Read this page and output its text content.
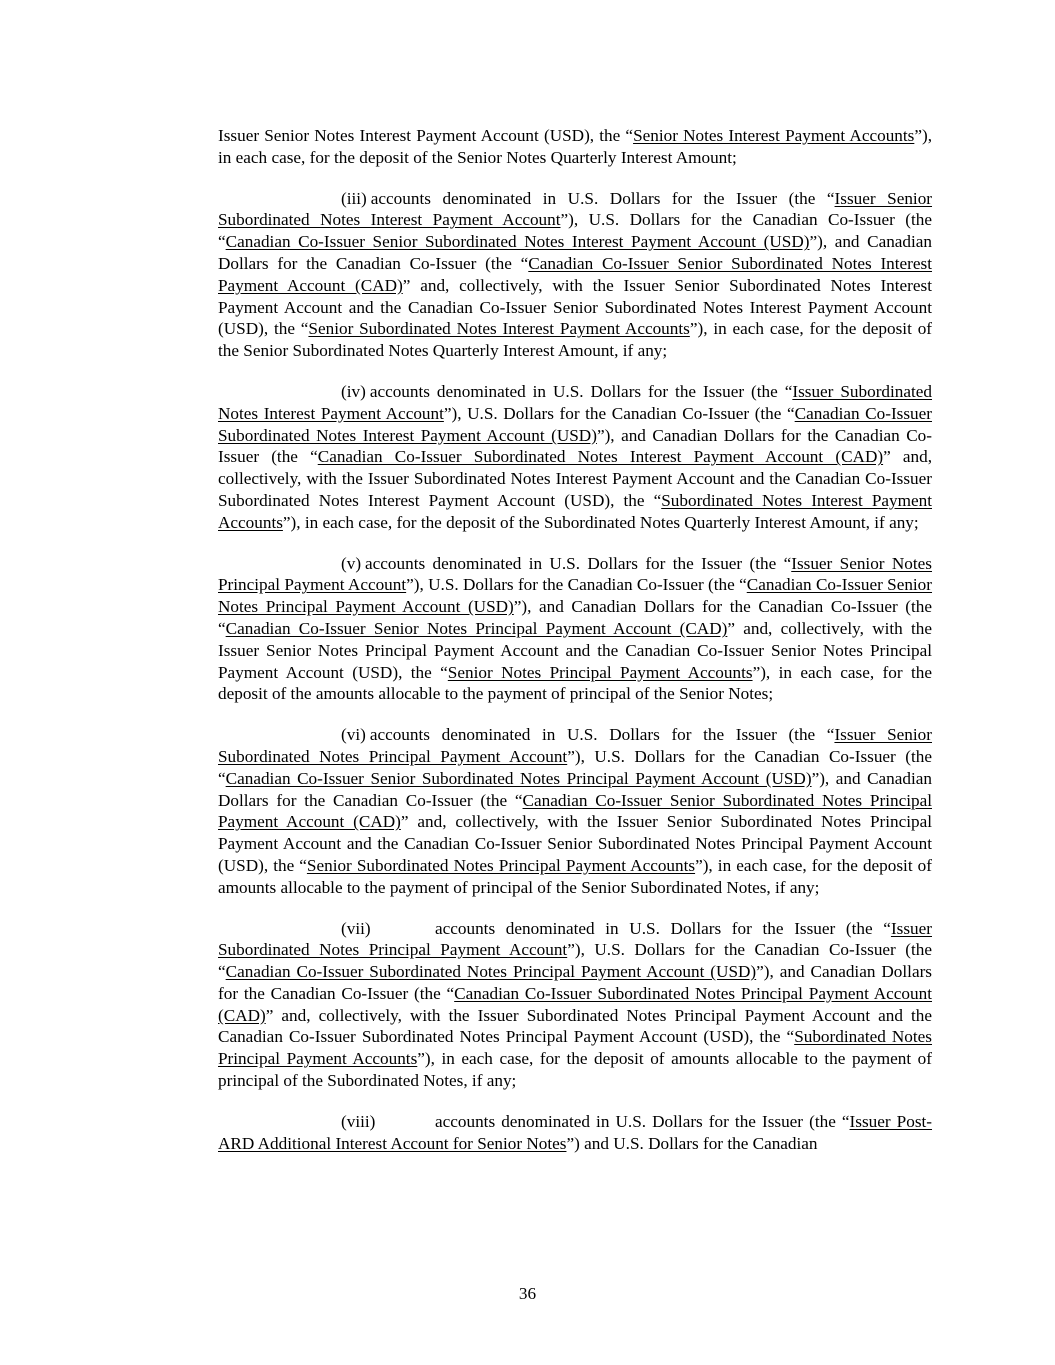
Issuer Senior Notes Interest Payment Account (USD), the “Senior Notes Interest Payment Accounts”), in each case, for the deposit of the Senior Notes Quarterly Interest Amount;

(iii) accounts denominated in U.S. Dollars for the Issuer (the “Issuer Senior Subordinated Notes Interest Payment Account”), U.S. Dollars for the Canadian Co-Issuer (the “Canadian Co-Issuer Senior Subordinated Notes Interest Payment Account (USD)”), and Canadian Dollars for the Canadian Co-Issuer (the “Canadian Co-Issuer Senior Subordinated Notes Interest Payment Account (CAD)” and, collectively, with the Issuer Senior Subordinated Notes Interest Payment Account and the Canadian Co-Issuer Senior Subordinated Notes Interest Payment Account (USD), the “Senior Subordinated Notes Interest Payment Accounts”), in each case, for the deposit of the Senior Subordinated Notes Quarterly Interest Amount, if any;

(iv) accounts denominated in U.S. Dollars for the Issuer (the “Issuer Subordinated Notes Interest Payment Account”), U.S. Dollars for the Canadian Co-Issuer (the “Canadian Co-Issuer Subordinated Notes Interest Payment Account (USD)”), and Canadian Dollars for the Canadian Co-Issuer (the “Canadian Co-Issuer Subordinated Notes Interest Payment Account (CAD)” and, collectively, with the Issuer Subordinated Notes Interest Payment Account and the Canadian Co-Issuer Subordinated Notes Interest Payment Account (USD), the “Subordinated Notes Interest Payment Accounts”), in each case, for the deposit of the Subordinated Notes Quarterly Interest Amount, if any;

(v) accounts denominated in U.S. Dollars for the Issuer (the “Issuer Senior Notes Principal Payment Account”), U.S. Dollars for the Canadian Co-Issuer (the “Canadian Co-Issuer Senior Notes Principal Payment Account (USD)”), and Canadian Dollars for the Canadian Co-Issuer (the “Canadian Co-Issuer Senior Notes Principal Payment Account (CAD)” and, collectively, with the Issuer Senior Notes Principal Payment Account and the Canadian Co-Issuer Senior Notes Principal Payment Account (USD), the “Senior Notes Principal Payment Accounts”), in each case, for the deposit of the amounts allocable to the payment of principal of the Senior Notes;

(vi) accounts denominated in U.S. Dollars for the Issuer (the “Issuer Senior Subordinated Notes Principal Payment Account”), U.S. Dollars for the Canadian Co-Issuer (the “Canadian Co-Issuer Senior Subordinated Notes Principal Payment Account (USD)”), and Canadian Dollars for the Canadian Co-Issuer (the “Canadian Co-Issuer Senior Subordinated Notes Principal Payment Account (CAD)” and, collectively, with the Issuer Senior Subordinated Notes Principal Payment Account and the Canadian Co-Issuer Senior Subordinated Notes Principal Payment Account (USD), the “Senior Subordinated Notes Principal Payment Accounts”), in each case, for the deposit of amounts allocable to the payment of principal of the Senior Subordinated Notes, if any;

(vii)	accounts denominated in U.S. Dollars for the Issuer (the “Issuer Subordinated Notes Principal Payment Account”), U.S. Dollars for the Canadian Co-Issuer (the “Canadian Co-Issuer Subordinated Notes Principal Payment Account (USD)”), and Canadian Dollars for the Canadian Co-Issuer (the “Canadian Co-Issuer Subordinated Notes Principal Payment Account (CAD)” and, collectively, with the Issuer Subordinated Notes Principal Payment Account and the Canadian Co-Issuer Subordinated Notes Principal Payment Account (USD), the “Subordinated Notes Principal Payment Accounts”), in each case, for the deposit of amounts allocable to the payment of principal of the Subordinated Notes, if any;

(viii)	accounts denominated in U.S. Dollars for the Issuer (the “Issuer Post-ARD Additional Interest Account for Senior Notes”) and U.S. Dollars for the Canadian

36
